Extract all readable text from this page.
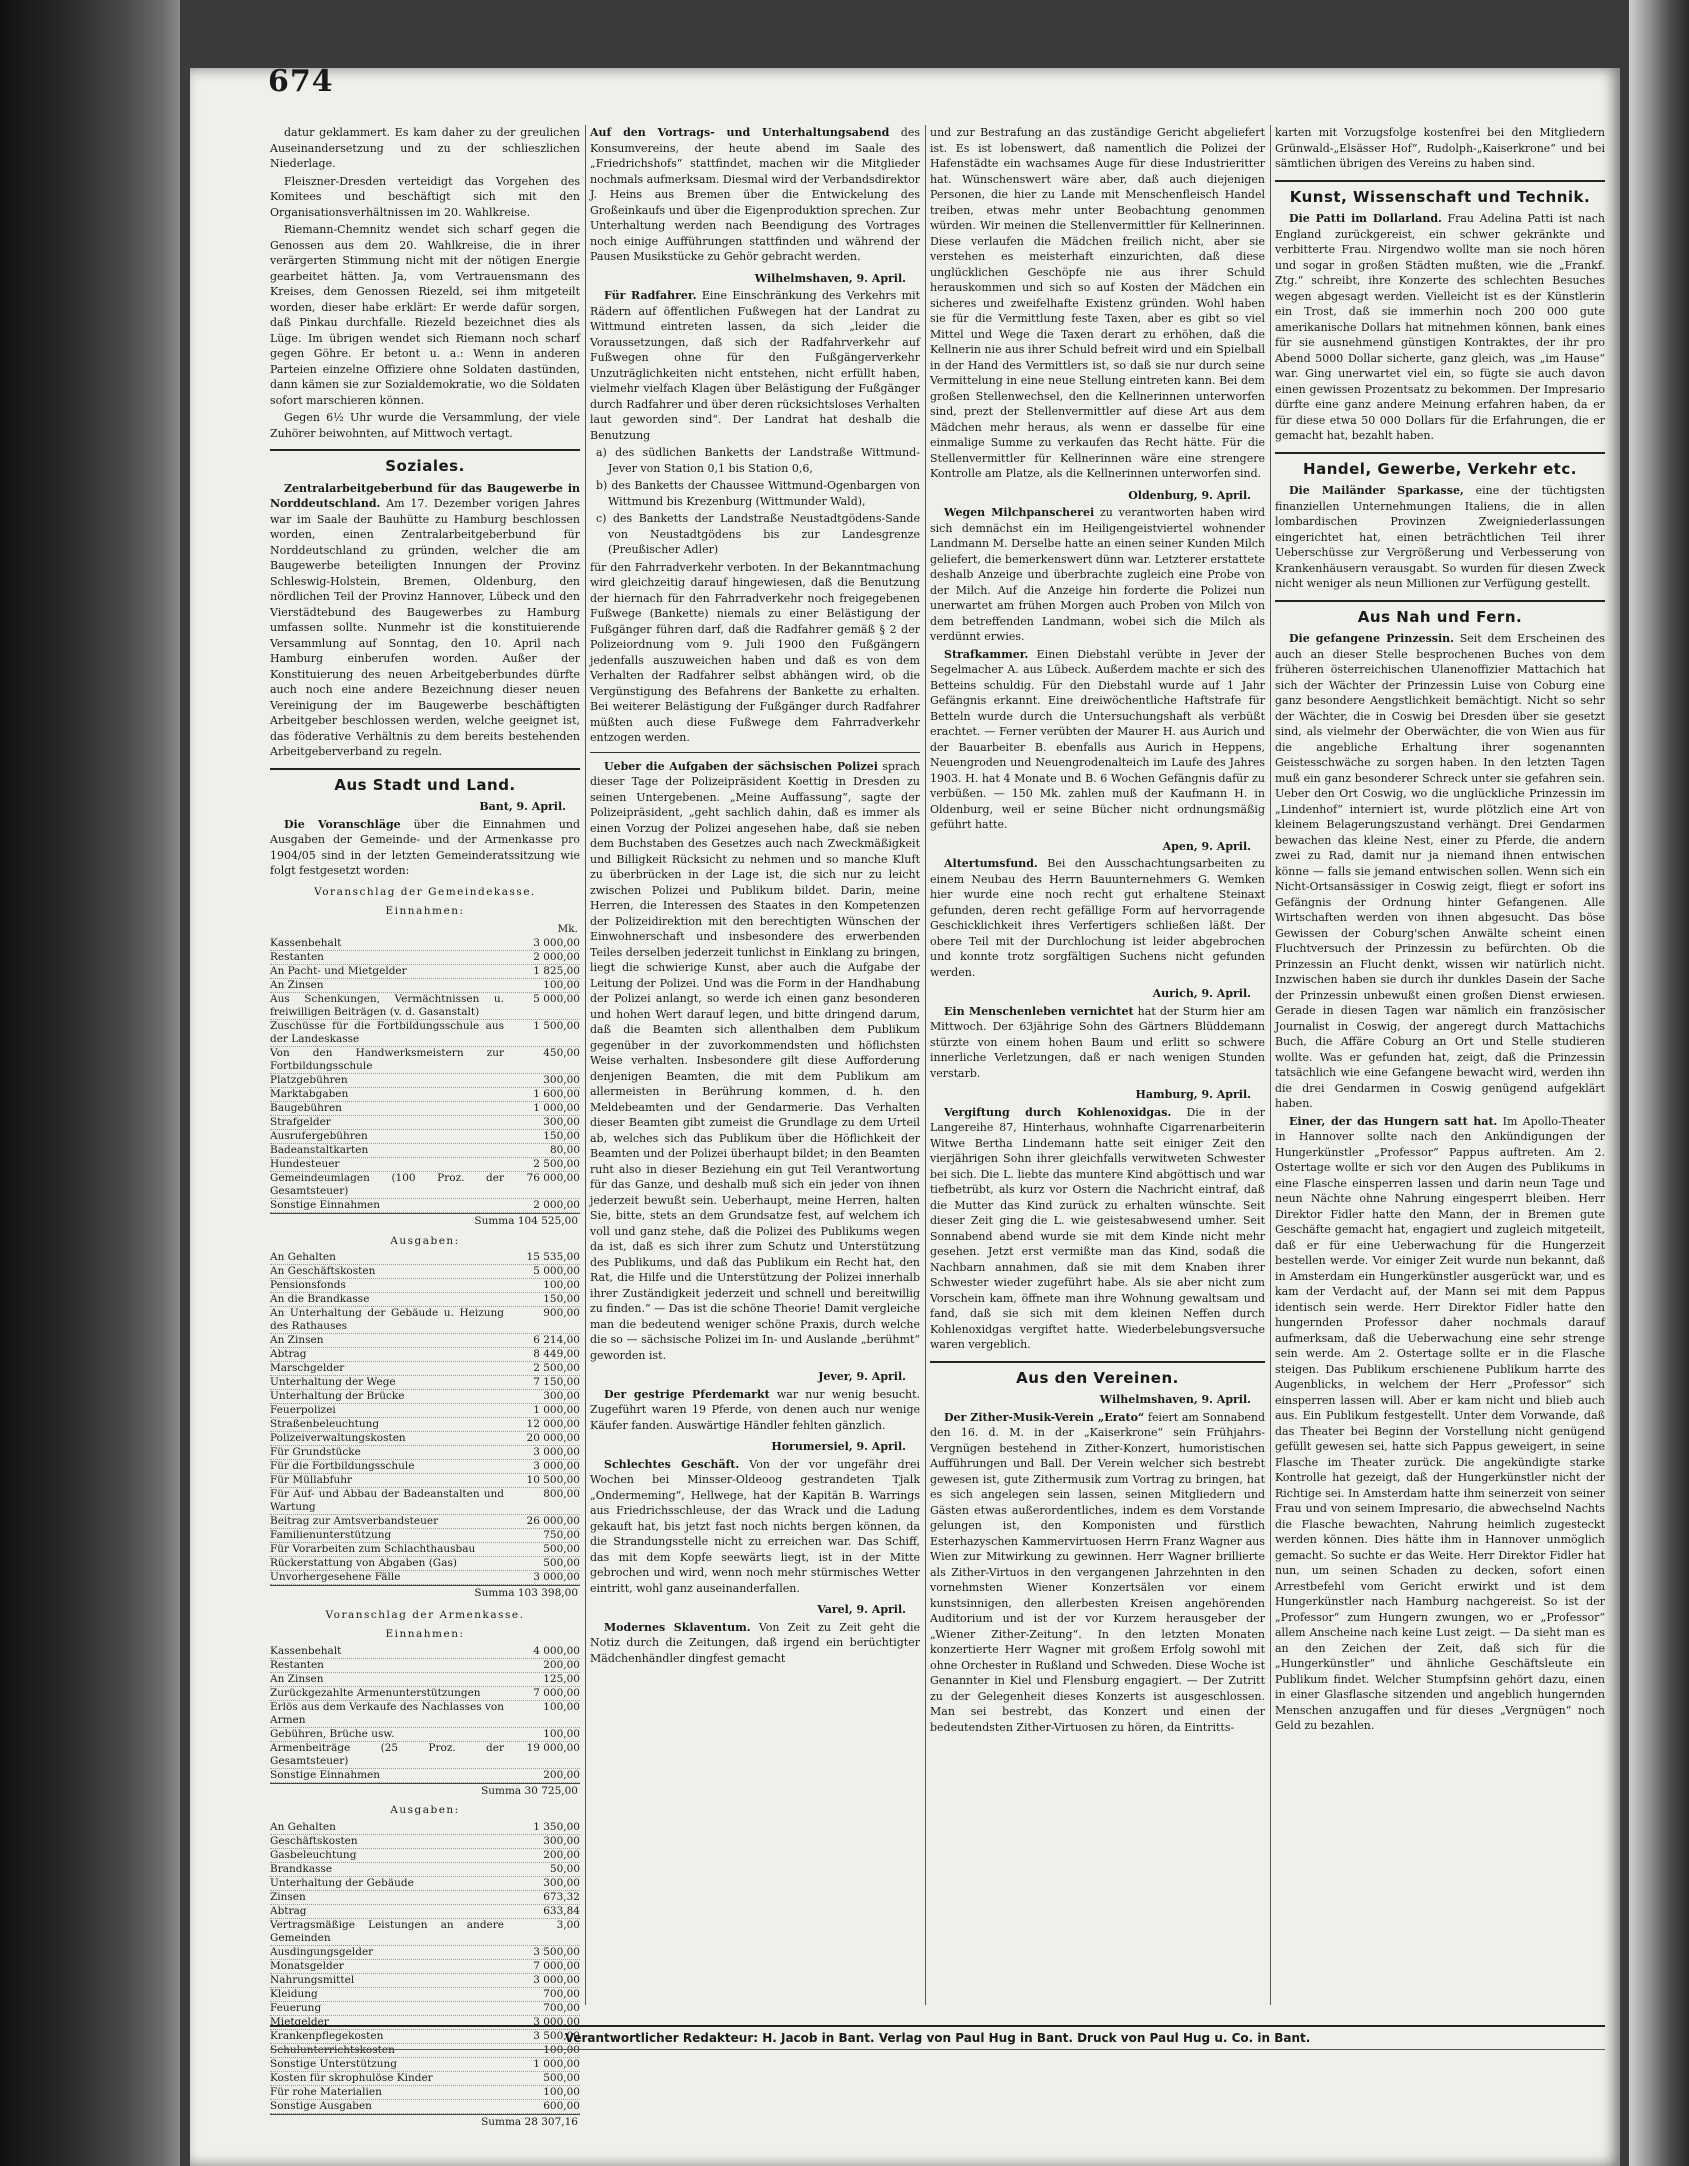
674

datur geklammert. Es kam daher zu der greulichen Auseinandersetzung und zu der schlieszlichen Niederlage.

Fleiszner-Dresden verteidigt das Vorgehen des Komitees und beschäftigt sich mit den Organisationsverhältnissen im 20. Wahlkreise.

Riemann-Chemnitz wendet sich scharf gegen die Genossen aus dem 20. Wahlkreise, die in ihrer verärgerten Stimmung nicht mit der nötigen Energie gearbeitet hätten. Ja, vom Vertrauensmann des Kreises, dem Genossen Riezeld, sei ihm mitgeteilt worden, dieser habe erklärt: Er werde dafür sorgen, daß Pinkau durchfalle. Riezeld bezeichnet dies als Lüge. Im übrigen wendet sich Riemann noch scharf gegen Göhre. Er betont u. a.: Wenn in anderen Parteien einzelne Offiziere ohne Soldaten dastünden, dann kämen sie zur Sozialdemokratie, wo die Soldaten sofort marschieren können.

Gegen 6½ Uhr wurde die Versammlung, der viele Zuhörer beiwohnten, auf Mittwoch vertagt.

Soziales.

Zentralarbeitgeberbund für das Baugewerbe in Norddeutschland. Am 17. Dezember vorigen Jahres war im Saale der Bauhütte zu Hamburg beschlossen worden, einen Zentralarbeitgeberbund für Norddeutschland zu gründen, welcher die am Baugewerbe beteiligten Innungen der Provinz Schleswig-Holstein, Bremen, Oldenburg, den nördlichen Teil der Provinz Hannover, Lübeck und den Vierstädtebund des Baugewerbes zu Hamburg umfassen sollte. Nunmehr ist die konstituierende Versammlung auf Sonntag, den 10. April nach Hamburg einberufen worden. Außer der Konstituierung des neuen Arbeitgeberbundes dürfte auch noch eine andere Bezeichnung dieser neuen Vereinigung der im Baugewerbe beschäftigten Arbeitgeber beschlossen werden, welche geeignet ist, das föderative Verhältnis zu dem bereits bestehenden Arbeitgeberverband zu regeln.

Aus Stadt und Land.
Bant, 9. April.

Die Voranschläge über die Einnahmen und Ausgaben der Gemeinde- und der Armenkasse pro 1904/05 sind in der letzten Gemeinderatssitzung wie folgt festgesetzt worden:

Voranschlag der Gemeindekasse.
Einnahmen:
Mk.
Kassenbehalt	3 000,00
Restanten	2 000,00
An Pacht- und Mietgelder	1 825,00
An Zinsen	100,00
Aus Schenkungen, Vermächtnissen u. freiwilligen Beiträgen (v. d. Gasanstalt)
5 000,00
Zuschüsse für die Fortbildungsschule aus der Landeskasse
1 500,00
Von den Handwerksmeistern zur Fortbildungsschule
450,00
Platzgebühren	300,00
Marktabgaben	1 600,00
Baugebühren	1 000,00
Strafgelder	300,00
Ausrufergebühren	150,00
Badeanstaltkarten	80,00
Hundesteuer	2 500,00
Gemeindeumlagen (100 Proz. der Gesamtsteuer)
76 000,00
Sonstige Einnahmen	2 000,00
Summa 104 525,00
Ausgaben:
An Gehalten	15 535,00
An Geschäftskosten	5 000,00
Pensionsfonds	100,00
An die Brandkasse	150,00
An Unterhaltung der Gebäude u. Heizung des Rathauses
900,00
An Zinsen	6 214,00
Abtrag	8 449,00
Marschgelder	2 500,00
Unterhaltung der Wege	7 150,00
Unterhaltung der Brücke	300,00
Feuerpolizei	1 000,00
Straßenbeleuchtung	12 000,00
Polizeiverwaltungskosten	20 000,00
Für Grundstücke	3 000,00
Für die Fortbildungsschule	3 000,00
Für Müllabfuhr	10 500,00
Für Auf- und Abbau der Badeanstalten und Wartung
800,00
Beitrag zur Amtsverbandsteuer	26 000,00
Familienunterstützung	750,00
Für Vorarbeiten zum Schlachthausbau	500,00
Rückerstattung von Abgaben (Gas)	500,00
Unvorhergesehene Fälle	3 000,00
Summa 103 398,00
Voranschlag der Armenkasse.
Einnahmen:
Kassenbehalt	4 000,00
Restanten	200,00
An Zinsen	125,00
Zurückgezahlte Armenunterstützungen	7 000,00
Erlös aus dem Verkaufe des Nachlasses von Armen
100,00
Gebühren, Brüche usw.	100,00
Armenbeiträge (25 Proz. der Gesamtsteuer)
19 000,00
Sonstige Einnahmen	200,00
Summa 30 725,00
Ausgaben:
An Gehalten	1 350,00
Geschäftskosten	300,00
Gasbeleuchtung	200,00
Brandkasse	50,00
Unterhaltung der Gebäude	300,00
Zinsen	673,32
Abtrag	633,84
Vertragsmäßige Leistungen an andere Gemeinden
3,00
Ausdingungsgelder	3 500,00
Monatsgelder	7 000,00
Nahrungsmittel	3 000,00
Kleidung	700,00
Feuerung	700,00
Mietgelder	3 000,00
Krankenpflegekosten	3 500,00
Schulunterrichtskosten	100,00
Sonstige Unterstützung	1 000,00
Kosten für skrophulöse Kinder	500,00
Für rohe Materialien	100,00
Sonstige Ausgaben	600,00
Summa 28 307,16

Auf den Vortrags- und Unterhaltungsabend des Konsumvereins, der heute abend im Saale des „Friedrichshofs“ stattfindet, machen wir die Mitglieder nochmals aufmerksam. Diesmal wird der Verbandsdirektor J. Heins aus Bremen über die Entwickelung des Großeinkaufs und über die Eigenproduktion sprechen. Zur Unterhaltung werden nach Beendigung des Vortrages noch einige Aufführungen stattfinden und während der Pausen Musikstücke zu Gehör gebracht werden.

Wilhelmshaven, 9. April.

Für Radfahrer. Eine Einschränkung des Verkehrs mit Rädern auf öffentlichen Fußwegen hat der Landrat zu Wittmund eintreten lassen, da sich „leider die Voraussetzungen, daß sich der Radfahrverkehr auf Fußwegen ohne für den Fußgängerverkehr Unzuträglichkeiten nicht entstehen, nicht erfüllt haben, vielmehr vielfach Klagen über Belästigung der Fußgänger durch Radfahrer und über deren rücksichtsloses Verhalten laut geworden sind“. Der Landrat hat deshalb die Benutzung

a) des südlichen Banketts der Landstraße Wittmund-Jever von Station 0,1 bis Station 0,6,

b) des Banketts der Chaussee Wittmund-Ogenbargen von Wittmund bis Krezenburg (Wittmunder Wald),

c) des Banketts der Landstraße Neustadtgödens-Sande von Neustadtgödens bis zur Landesgrenze (Preußischer Adler)

für den Fahrradverkehr verboten. In der Bekanntmachung wird gleichzeitig darauf hingewiesen, daß die Benutzung der hiernach für den Fahrradverkehr noch freigegebenen Fußwege (Bankette) niemals zu einer Belästigung der Fußgänger führen darf, daß die Radfahrer gemäß § 2 der Polizeiordnung vom 9. Juli 1900 den Fußgängern jedenfalls auszuweichen haben und daß es von dem Verhalten der Radfahrer selbst abhängen wird, ob die Vergünstigung des Befahrens der Bankette zu erhalten. Bei weiterer Belästigung der Fußgänger durch Radfahrer müßten auch diese Fußwege dem Fahrradverkehr entzogen werden.

Ueber die Aufgaben der sächsischen Polizei sprach dieser Tage der Polizeipräsident Koettig in Dresden zu seinen Untergebenen. „Meine Auffassung“, sagte der Polizeipräsident, „geht sachlich dahin, daß es immer als einen Vorzug der Polizei angesehen habe, daß sie neben dem Buchstaben des Gesetzes auch nach Zweckmäßigkeit und Billigkeit Rücksicht zu nehmen und so manche Kluft zu überbrücken in der Lage ist, die sich nur zu leicht zwischen Polizei und Publikum bildet. Darin, meine Herren, die Interessen des Staates in den Kompetenzen der Polizeidirektion mit den berechtigten Wünschen der Einwohnerschaft und insbesondere des erwerbenden Teiles derselben jederzeit tunlichst in Einklang zu bringen, liegt die schwierige Kunst, aber auch die Aufgabe der Leitung der Polizei. Und was die Form in der Handhabung der Polizei anlangt, so werde ich einen ganz besonderen und hohen Wert darauf legen, und bitte dringend darum, daß die Beamten sich allenthalben dem Publikum gegenüber in der zuvorkommendsten und höflichsten Weise verhalten. Insbesondere gilt diese Aufforderung denjenigen Beamten, die mit dem Publikum am allermeisten in Berührung kommen, d. h. den Meldebeamten und der Gendarmerie. Das Verhalten dieser Beamten gibt zumeist die Grundlage zu dem Urteil ab, welches sich das Publikum über die Höflichkeit der Beamten und der Polizei überhaupt bildet; in den Beamten ruht also in dieser Beziehung ein gut Teil Verantwortung für das Ganze, und deshalb muß sich ein jeder von ihnen jederzeit bewußt sein. Ueberhaupt, meine Herren, halten Sie, bitte, stets an dem Grundsatze fest, auf welchem ich voll und ganz stehe, daß die Polizei des Publikums wegen da ist, daß es sich ihrer zum Schutz und Unterstützung des Publikums, und daß das Publikum ein Recht hat, den Rat, die Hilfe und die Unterstützung der Polizei innerhalb ihrer Zuständigkeit jederzeit und schnell und bereitwillig zu finden.“ — Das ist die schöne Theorie! Damit vergleiche man die bedeutend weniger schöne Praxis, durch welche die so — sächsische Polizei im In- und Auslande „berühmt“ geworden ist.

Jever, 9. April.

Der gestrige Pferdemarkt war nur wenig besucht. Zugeführt waren 19 Pferde, von denen auch nur wenige Käufer fanden. Auswärtige Händler fehlten gänzlich.

Horumersiel, 9. April.

Schlechtes Geschäft. Von der vor ungefähr drei Wochen bei Minsser-Oldeoog gestrandeten Tjalk „Ondermeming“, Hellwege, hat der Kapitän B. Warrings aus Friedrichsschleuse, der das Wrack und die Ladung gekauft hat, bis jetzt fast noch nichts bergen können, da die Strandungsstelle nicht zu erreichen war. Das Schiff, das mit dem Kopfe seewärts liegt, ist in der Mitte gebrochen und wird, wenn noch mehr stürmisches Wetter eintritt, wohl ganz auseinanderfallen.

Varel, 9. April.

Modernes Sklaventum. Von Zeit zu Zeit geht die Notiz durch die Zeitungen, daß irgend ein berüchtigter Mädchenhändler dingfest gemacht

und zur Bestrafung an das zuständige Gericht abgeliefert ist. Es ist lobenswert, daß namentlich die Polizei der Hafenstädte ein wachsames Auge für diese Industrieritter hat. Wünschenswert wäre aber, daß auch diejenigen Personen, die hier zu Lande mit Menschenfleisch Handel treiben, etwas mehr unter Beobachtung genommen würden. Wir meinen die Stellenvermittler für Kellnerinnen. Diese verlaufen die Mädchen freilich nicht, aber sie verstehen es meisterhaft einzurichten, daß diese unglücklichen Geschöpfe nie aus ihrer Schuld herauskommen und sich so auf Kosten der Mädchen ein sicheres und zweifelhafte Existenz gründen. Wohl haben sie für die Vermittlung feste Taxen, aber es gibt so viel Mittel und Wege die Taxen derart zu erhöhen, daß die Kellnerin nie aus ihrer Schuld befreit wird und ein Spielball in der Hand des Vermittlers ist, so daß sie nur durch seine Vermittelung in eine neue Stellung eintreten kann. Bei dem großen Stellenwechsel, den die Kellnerinnen unterworfen sind, prezt der Stellenvermittler auf diese Art aus dem Mädchen mehr heraus, als wenn er dasselbe für eine einmalige Summe zu verkaufen das Recht hätte. Für die Stellenvermittler für Kellnerinnen wäre eine strengere Kontrolle am Platze, als die Kellnerinnen unterworfen sind.

Oldenburg, 9. April.

Wegen Milchpanscherei zu verantworten haben wird sich demnächst ein im Heiligengeistviertel wohnender Landmann M. Derselbe hatte an einen seiner Kunden Milch geliefert, die bemerkenswert dünn war. Letzterer erstattete deshalb Anzeige und überbrachte zugleich eine Probe von der Milch. Auf die Anzeige hin forderte die Polizei nun unerwartet am frühen Morgen auch Proben von Milch von dem betreffenden Landmann, wobei sich die Milch als verdünnt erwies.

Strafkammer. Einen Diebstahl verübte in Jever der Segelmacher A. aus Lübeck. Außerdem machte er sich des Betteins schuldig. Für den Diebstahl wurde auf 1 Jahr Gefängnis erkannt. Eine dreiwöchentliche Haftstrafe für Betteln wurde durch die Untersuchungshaft als verbüßt erachtet. — Ferner verübten der Maurer H. aus Aurich und der Bauarbeiter B. ebenfalls aus Aurich in Heppens, Neuengroden und Neuengrodenalteich im Laufe des Jahres 1903. H. hat 4 Monate und B. 6 Wochen Gefängnis dafür zu verbüßen. — 150 Mk. zahlen muß der Kaufmann H. in Oldenburg, weil er seine Bücher nicht ordnungsmäßig geführt hatte.

Apen, 9. April.

Altertumsfund. Bei den Ausschachtungsarbeiten zu einem Neubau des Herrn Bauunternehmers G. Wemken hier wurde eine noch recht gut erhaltene Steinaxt gefunden, deren recht gefällige Form auf hervorragende Geschicklichkeit ihres Verfertigers schließen läßt. Der obere Teil mit der Durchlochung ist leider abgebrochen und konnte trotz sorgfältigen Suchens nicht gefunden werden.

Aurich, 9. April.

Ein Menschenleben vernichtet hat der Sturm hier am Mittwoch. Der 63jährige Sohn des Gärtners Blüddemann stürzte von einem hohen Baum und erlitt so schwere innerliche Verletzungen, daß er nach wenigen Stunden verstarb.

Hamburg, 9. April.

Vergiftung durch Kohlenoxidgas. Die in der Langereihe 87, Hinterhaus, wohnhafte Cigarrenarbeiterin Witwe Bertha Lindemann hatte seit einiger Zeit den vierjährigen Sohn ihrer gleichfalls verwitweten Schwester bei sich. Die L. liebte das muntere Kind abgöttisch und war tiefbetrübt, als kurz vor Ostern die Nachricht eintraf, daß die Mutter das Kind zurück zu erhalten wünschte. Seit dieser Zeit ging die L. wie geistesabwesend umher. Seit Sonnabend abend wurde sie mit dem Kinde nicht mehr gesehen. Jetzt erst vermißte man das Kind, sodaß die Nachbarn annahmen, daß sie mit dem Knaben ihrer Schwester wieder zugeführt habe. Als sie aber nicht zum Vorschein kam, öffnete man ihre Wohnung gewaltsam und fand, daß sie sich mit dem kleinen Neffen durch Kohlenoxidgas vergiftet hatte. Wiederbelebungsversuche waren vergeblich.

Aus den Vereinen.
Wilhelmshaven, 9. April.

Der Zither-Musik-Verein „Erato“ feiert am Sonnabend den 16. d. M. in der „Kaiserkrone“ sein Frühjahrs-Vergnügen bestehend in Zither-Konzert, humoristischen Aufführungen und Ball. Der Verein welcher sich bestrebt gewesen ist, gute Zithermusik zum Vortrag zu bringen, hat es sich angelegen sein lassen, seinen Mitgliedern und Gästen etwas außerordentliches, indem es dem Vorstande gelungen ist, den Komponisten und fürstlich Esterhazyschen Kammervirtuosen Herrn Franz Wagner aus Wien zur Mitwirkung zu gewinnen. Herr Wagner brillierte als Zither-Virtuos in den vergangenen Jahrzehnten in den vornehmsten Wiener Konzertsälen vor einem kunstsinnigen, den allerbesten Kreisen angehörenden Auditorium und ist der vor Kurzem herausgeber der „Wiener Zither-Zeitung“. In den letzten Monaten konzertierte Herr Wagner mit großem Erfolg sowohl mit ohne Orchester in Rußland und Schweden. Diese Woche ist Genannter in Kiel und Flensburg engagiert. — Der Zutritt zu der Gelegenheit dieses Konzerts ist ausgeschlossen. Man sei bestrebt, das Konzert und einen der bedeutendsten Zither-Virtuosen zu hören, da Eintritts-

karten mit Vorzugsfolge kostenfrei bei den Mitgliedern Grünwald-„Elsässer Hof“, Rudolph-„Kaiserkrone“ und bei sämtlichen übrigen des Vereins zu haben sind.

Kunst, Wissenschaft und Technik.

Die Patti im Dollarland. Frau Adelina Patti ist nach England zurückgereist, ein schwer gekränkte und verbitterte Frau. Nirgendwo wollte man sie noch hören und sogar in großen Städten mußten, wie die „Frankf. Ztg.“ schreibt, ihre Konzerte des schlechten Besuches wegen abgesagt werden. Vielleicht ist es der Künstlerin ein Trost, daß sie immerhin noch 200 000 gute amerikanische Dollars hat mitnehmen können, bank eines für sie ausnehmend günstigen Kontraktes, der ihr pro Abend 5000 Dollar sicherte, ganz gleich, was „im Hause“ war. Ging unerwartet viel ein, so fügte sie auch davon einen gewissen Prozentsatz zu bekommen. Der Impresario dürfte eine ganz andere Meinung erfahren haben, da er für diese etwa 50 000 Dollars für die Erfahrungen, die er gemacht hat, bezahlt haben.

Handel, Gewerbe, Verkehr etc.

Die Mailänder Sparkasse, eine der tüchtigsten finanziellen Unternehmungen Italiens, die in allen lombardischen Provinzen Zweigniederlassungen eingerichtet hat, einen beträchtlichen Teil ihrer Ueberschüsse zur Vergrößerung und Verbesserung von Krankenhäusern verausgabt. So wurden für diesen Zweck nicht weniger als neun Millionen zur Verfügung gestellt.

Aus Nah und Fern.

Die gefangene Prinzessin. Seit dem Erscheinen des auch an dieser Stelle besprochenen Buches von dem früheren österreichischen Ulanenoffizier Mattachich hat sich der Wächter der Prinzessin Luise von Coburg eine ganz besondere Aengstlichkeit bemächtigt. Nicht so sehr der Wächter, die in Coswig bei Dresden über sie gesetzt sind, als vielmehr der Oberwächter, die von Wien aus für die angebliche Erhaltung ihrer sogenannten Geistesschwäche zu sorgen haben. In den letzten Tagen muß ein ganz besonderer Schreck unter sie gefahren sein. Ueber den Ort Coswig, wo die unglückliche Prinzessin im „Lindenhof“ interniert ist, wurde plötzlich eine Art von kleinem Belagerungszustand verhängt. Drei Gendarmen bewachen das kleine Nest, einer zu Pferde, die andern zwei zu Rad, damit nur ja niemand ihnen entwischen könne — falls sie jemand entwischen sollen. Wenn sich ein Nicht-Ortsansässiger in Coswig zeigt, fliegt er sofort ins Gefängnis der Ordnung hinter Gefangenen. Alle Wirtschaften werden von ihnen abgesucht. Das böse Gewissen der Coburg'schen Anwälte scheint einen Fluchtversuch der Prinzessin zu befürchten. Ob die Prinzessin an Flucht denkt, wissen wir natürlich nicht. Inzwischen haben sie durch ihr dunkles Dasein der Sache der Prinzessin unbewußt einen großen Dienst erwiesen. Gerade in diesen Tagen war nämlich ein französischer Journalist in Coswig, der angeregt durch Mattachichs Buch, die Affäre Coburg an Ort und Stelle studieren wollte. Was er gefunden hat, zeigt, daß die Prinzessin tatsächlich wie eine Gefangene bewacht wird, werden ihn die drei Gendarmen in Coswig genügend aufgeklärt haben.

Einer, der das Hungern satt hat. Im Apollo-Theater in Hannover sollte nach den Ankündigungen der Hungerkünstler „Professor“ Pappus auftreten. Am 2. Ostertage wollte er sich vor den Augen des Publikums in eine Flasche einsperren lassen und darin neun Tage und neun Nächte ohne Nahrung eingesperrt bleiben. Herr Direktor Fidler hatte den Mann, der in Bremen gute Geschäfte gemacht hat, engagiert und zugleich mitgeteilt, daß er für eine Ueberwachung für die Hungerzeit bestellen werde. Vor einiger Zeit wurde nun bekannt, daß in Amsterdam ein Hungerkünstler ausgerückt war, und es kam der Verdacht auf, der Mann sei mit dem Pappus identisch sein werde. Herr Direktor Fidler hatte den hungernden Professor daher nochmals darauf aufmerksam, daß die Ueberwachung eine sehr strenge sein werde. Am 2. Ostertage sollte er in die Flasche steigen. Das Publikum erschienene Publikum harrte des Augenblicks, in welchem der Herr „Professor“ sich einsperren lassen will. Aber er kam nicht und blieb auch aus. Ein Publikum festgestellt. Unter dem Vorwande, daß das Theater bei Beginn der Vorstellung nicht genügend gefüllt gewesen sei, hatte sich Pappus geweigert, in seine Flasche im Theater zurück. Die angekündigte starke Kontrolle hat gezeigt, daß der Hungerkünstler nicht der Richtige sei. In Amsterdam hatte ihm seinerzeit von seiner Frau und von seinem Impresario, die abwechselnd Nachts die Flasche bewachten, Nahrung heimlich zugesteckt werden können. Dies hätte ihm in Hannover unmöglich gemacht. So suchte er das Weite. Herr Direktor Fidler hat nun, um seinen Schaden zu decken, sofort einen Arrestbefehl vom Gericht erwirkt und ist dem Hungerkünstler nach Hamburg nachgereist. So ist der „Professor“ zum Hungern zwungen, wo er „Professor“ allem Anscheine nach keine Lust zeigt. — Da sieht man es an den Zeichen der Zeit, daß sich für die „Hungerkünstler“ und ähnliche Geschäftsleute ein Publikum findet. Welcher Stumpfsinn gehört dazu, einen in einer Glasflasche sitzenden und angeblich hungernden Menschen anzugaffen und für dieses „Vergnügen“ noch Geld zu bezahlen.

Verantwortlicher Redakteur: H. Jacob in Bant. Verlag von Paul Hug in Bant. Druck von Paul Hug u. Co. in Bant.
